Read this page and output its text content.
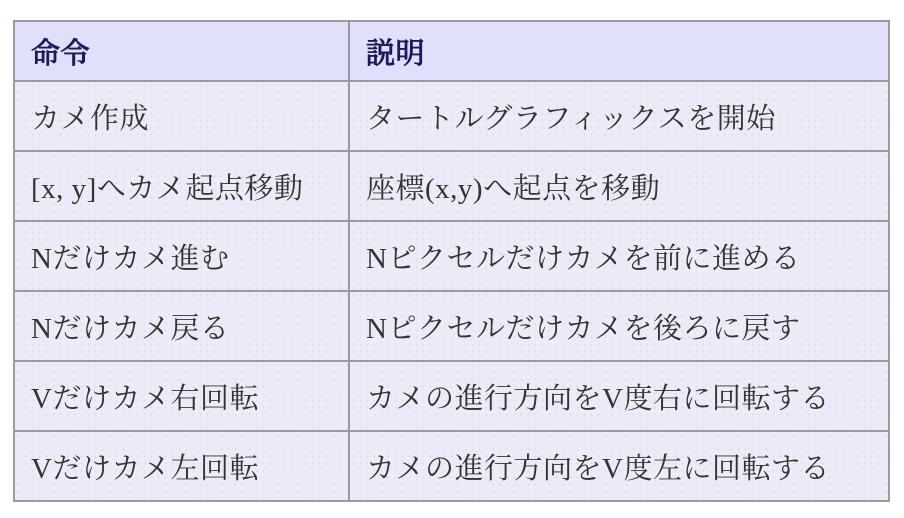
命令	説明
カメ作成	タートルグラフィックスを開始
[x, y]へカメ起点移動	座標(x,y)へ起点を移動
Nだけカメ進む	Nピクセルだけカメを前に進める
Nだけカメ戻る	Nピクセルだけカメを後ろに戻す
Vだけカメ右回転	カメの進行方向をV度右に回転する
Vだけカメ左回転	カメの進行方向をV度左に回転する
